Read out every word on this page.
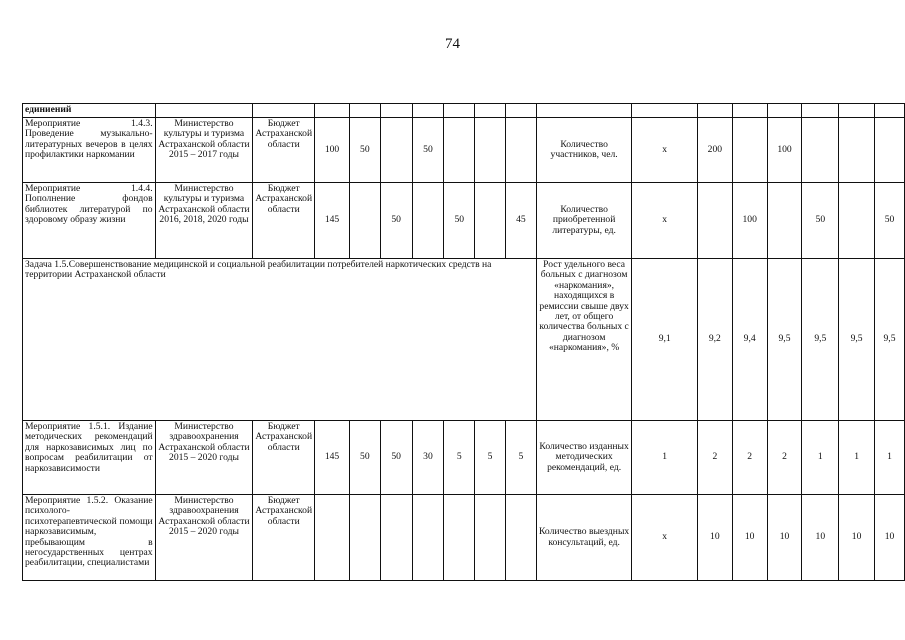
74
единиений																	
Мероприятие 1.4.3. Проведение музыкально-литературных вечеров в целях профилактики наркомании	Министерство культуры и туризма Астраханской области 2015 – 2017 годы	Бюджет Астраханской области	100	50		50				Количество участников, чел.	х	200		100			
Мероприятие 1.4.4. Пополнение фондов библиотек литературой по здоровому образу жизни	Министерство культуры и туризма Астраханской области 2016, 2018, 2020 годы	Бюджет Астраханской области	145		50		50		45	Количество приобретенной литературы, ед.	х		100		50		50
Задача 1.5.Совершенствование медицинской и социальной реабилитации потребителей наркотических средств на территории Астраханской области										Рост удельного веса больных с диагнозом «наркомания», находящихся в ремиссии свыше двух лет, от общего количества больных с диагнозом «наркомания», %	9,1	9,2	9,4	9,5	9,5	9,5	9,5
Мероприятие 1.5.1. Издание методических рекомендаций для наркозависимых лиц по вопросам реабилитации от наркозависимости	Министерство здравоохранения Астраханской области 2015 – 2020 годы	Бюджет Астраханской области	145	50	50	30	5	5	5	Количество изданных методических рекомендаций, ед.	1	2	2	2	1	1	1
Мероприятие 1.5.2. Оказание психолого-психотерапевтической помощи наркозависимым, пребывающим в негосударственных центрах реабилитации, специалистами	Министерство здравоохранения Астраханской области 2015 – 2020 годы	Бюджет Астраханской области								Количество выездных консультаций, ед.	х	10	10	10	10	10	10
